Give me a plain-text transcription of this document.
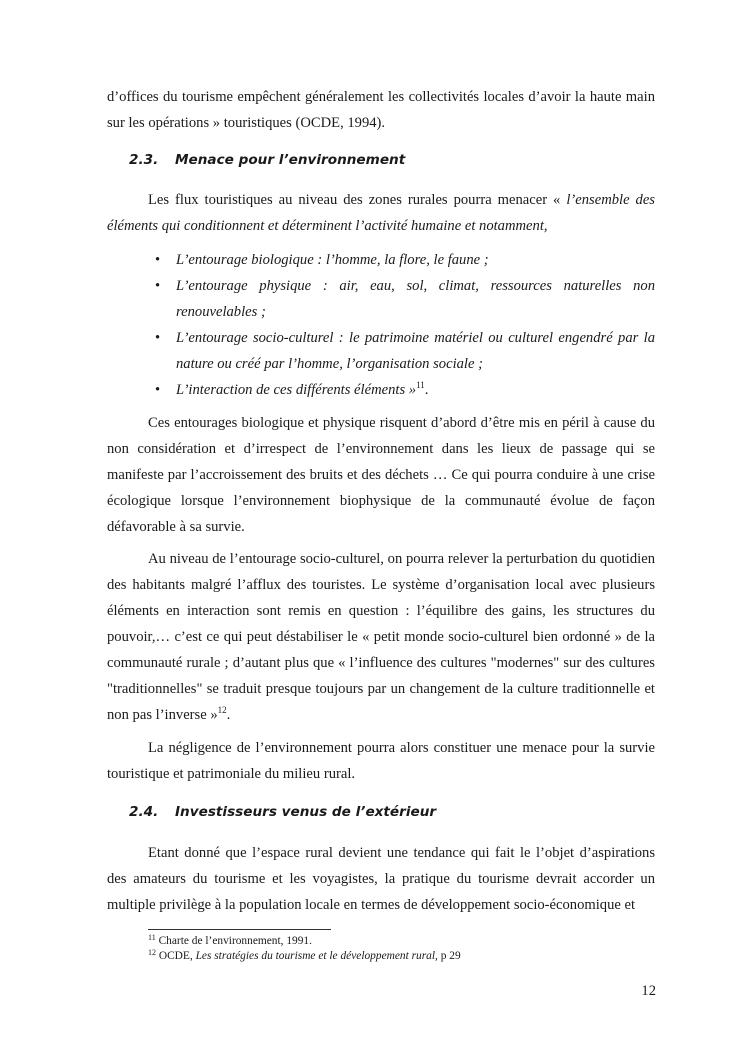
d’offices du tourisme empêchent généralement les collectivités locales d’avoir la haute main sur les opérations » touristiques (OCDE, 1994).

2.3. Menace pour l’environnement

Les flux touristiques au niveau des zones rurales pourra menacer « l’ensemble des éléments qui conditionnent et déterminent l’activité humaine et notamment,

• L’entourage biologique : l’homme, la flore, le faune ;
• L’entourage physique : air, eau, sol, climat, ressources naturelles non renouvelables ;
• L’entourage socio-culturel : le patrimoine matériel ou culturel engendré par la nature ou créé par l’homme, l’organisation sociale ;
• L’interaction de ces différents éléments »$^{11}$.

Ces entourages biologique et physique risquent d’abord d’être mis en péril à cause du non considération et d’irrespect de l’environnement dans les lieux de passage qui se manifeste par l’accroissement des bruits et des déchets … Ce qui pourra conduire à une crise écologique lorsque l’environnement biophysique de la communauté évolue de façon défavorable à sa survie.

Au niveau de l’entourage socio-culturel, on pourra relever la perturbation du quotidien des habitants malgré l’afflux des touristes. Le système d’organisation local avec plusieurs éléments en interaction sont remis en question : l’équilibre des gains, les structures du pouvoir,… c’est ce qui peut déstabiliser le « petit monde socio-culturel bien ordonné » de la communauté rurale ; d’autant plus que « l’influence des cultures "modernes" sur des cultures "traditionnelles" se traduit presque toujours par un changement de la culture traditionnelle et non pas l’inverse »$^{12}$.

La négligence de l’environnement pourra alors constituer une menace pour la survie touristique et patrimoniale du milieu rural.

2.4. Investisseurs venus de l’extérieur

Etant donné que l’espace rural devient une tendance qui fait le l’objet d’aspirations des amateurs du tourisme et les voyagistes, la pratique du tourisme devrait accorder un multiple privilège à la population locale en termes de développement socio-économique et

$^{11}$ Charte de l’environnement, 1991.

$^{12}$ OCDE, Les stratégies du tourisme et le développement rural, p 29

12
